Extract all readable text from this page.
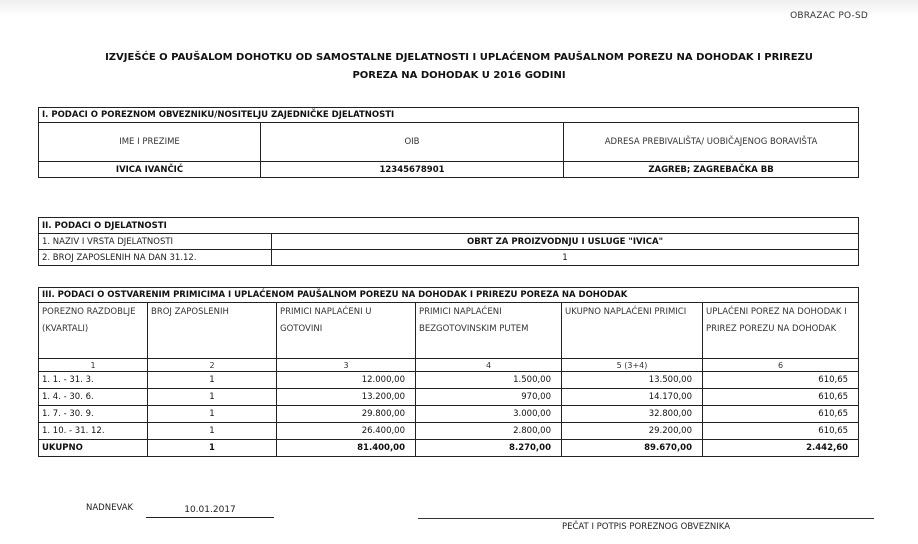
OBRAZAC PO-SD
IZVJEŠĆE O PAUŠALOM DOHOTKU OD SAMOSTALNE DJELATNOSTI I UPLAĆENOM PAUŠALNOM POREZU NA DOHODAK I PRIREZU
POREZA NA DOHODAK U 2016 GODINI
I. PODACI O POREZNOM OBVEZNIKU/NOSITELJU ZAJEDNIČKE DJELATNOSTI		
IME I PREZIME	OIB	ADRESA PREBIVALIŠTA/ UOBIČAJENOG BORAVIŠTA
IVICA IVANČIĆ	12345678901	ZAGREB; ZAGREBAČKA BB
II. PODACI O DJELATNOSTI	
1. NAZIV I VRSTA DJELATNOSTI	OBRT ZA PROIZVODNJU I USLUGE "IVICA"
2. BROJ ZAPOSLENIH NA DAN 31.12.	1
III. PODACI O OSTVARENIM PRIMICIMA I UPLAĆENOM PAUŠALNOM POREZU NA DOHODAK I PRIREZU POREZA NA DOHODAK					
POREZNO RAZDOBLJE (KVARTALI)	BROJ ZAPOSLENIH	PRIMICI NAPLAĆENI U GOTOVINI	PRIMICI NAPLAĆENI BEZGOTOVINSKIM PUTEM	UKUPNO NAPLAĆENI PRIMICI	UPLAĆENI POREZ NA DOHODAK I PRIREZ POREZU NA DOHODAK
1	2	3	4	5 (3+4)	6
1. 1. - 31. 3.	1	12.000,00	1.500,00	13.500,00	610,65
1. 4. - 30. 6.	1	13.200,00	970,00	14.170,00	610,65
1. 7. - 30. 9.	1	29.800,00	3.000,00	32.800,00	610,65
1. 10. - 31. 12.	1	26.400,00	2.800,00	29.200,00	610,65
UKUPNO	1	81.400,00	8.270,00	89.670,00	2.442,60
NADNEVAK	10.01.2017
PEČAT I POTPIS POREZNOG OBVEZNIKA
